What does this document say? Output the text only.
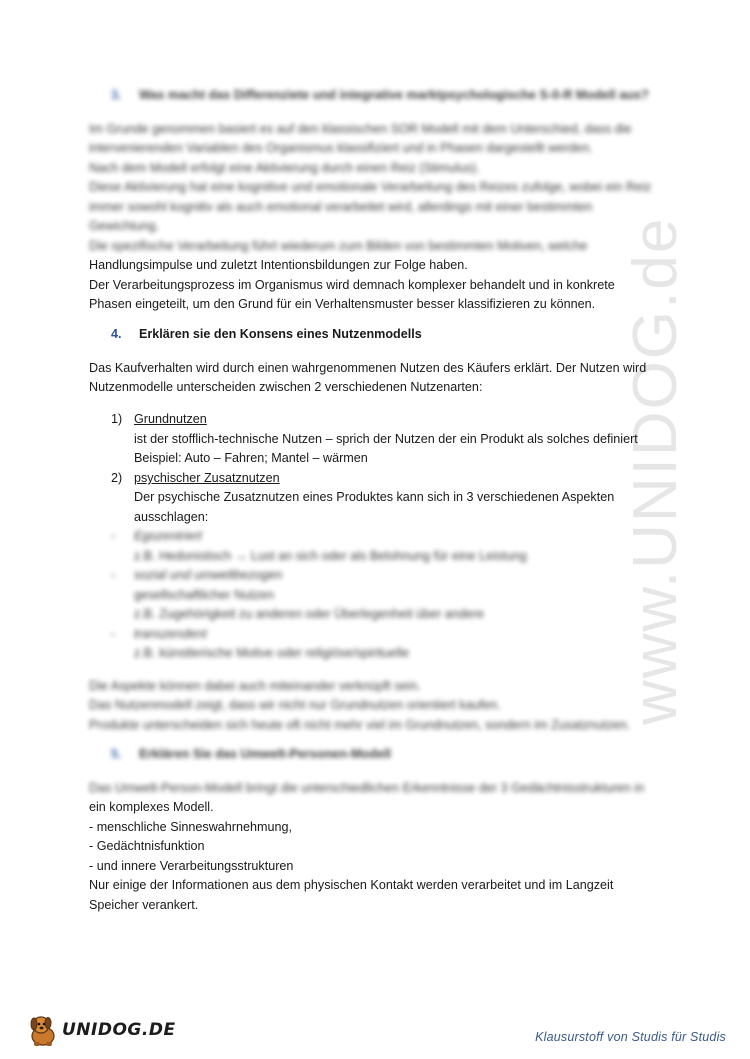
www.UNIDOG.de
3. Was macht das Differenziete und integrative marktpsychologische S-0-R Modell aus?
Im Grunde genommen basiert es auf den klassischen SOR Modell mit dem Unterschied, dass die
intervenierenden Variablen des Organismus klassifiziert und in Phasen dargestellt werden.
Nach dem Modell erfolgt eine Aktivierung durch einen Reiz (Stimulus).
Diese Aktivierung hat eine kognitive und emotionale Verarbeitung des Reizes zufolge, wobei ein Reiz
immer sowohl kognitiv als auch emotional verarbeitet wird, allerdings mit einer bestimmten
Gewichtung.
Die spezifische Verarbeitung führt wiederum zum Bilden von bestimmten Motiven, welche
Handlungsimpulse und zuletzt Intentionsbildungen zur Folge haben.
Der Verarbeitungsprozess im Organismus wird demnach komplexer behandelt und in konkrete
Phasen eingeteilt, um den Grund für ein Verhaltensmuster besser klassifizieren zu können.
4. Erklären sie den Konsens eines Nutzenmodells
Das Kaufverhalten wird durch einen wahrgenommenen Nutzen des Käufers erklärt. Der Nutzen wird
Nutzenmodelle unterscheiden zwischen 2 verschiedenen Nutzenarten:
1) Grundnutzen
ist der stofflich-technische Nutzen – sprich der Nutzen der ein Produkt als solches definiert
Beispiel: Auto – Fahren; Mantel – wärmen
2) psychischer Zusatznutzen
Der psychische Zusatznutzen eines Produktes kann sich in 3 verschiedenen Aspekten
ausschlagen:
- Egozentriert
z.B. Hedonistisch → Lust an sich oder als Belohnung für eine Leistung
- sozial und umweltbezogen
gesellschaftlicher Nutzen
z.B. Zugehörigkeit zu anderen oder Überlegenheit über andere
- transzendent
z.B. künstlerische Motive oder religiöse/spirituelle
Die Aspekte können dabei auch miteinander verknüpft sein.
Das Nutzenmodell zeigt, dass wir nicht nur Grundnutzen orientiert kaufen.
Produkte unterscheiden sich heute oft nicht mehr viel im Grundnutzen, sondern im Zusatznutzen.
5. Erklären Sie das Umwelt-Personen-Modell
Das Umwelt-Person-Modell bringt die unterschiedlichen Erkenntnisse der 3 Gedächtnisstrukturen in
ein komplexes Modell.
- menschliche Sinneswahrnehmung,
- Gedächtnisfunktion
- und innere Verarbeitungsstrukturen
Nur einige der Informationen aus dem physischen Kontakt werden verarbeitet und im Langzeit
Speicher verankert.
UNIDOG.DE	Klausurstoff von Studis für Studis
